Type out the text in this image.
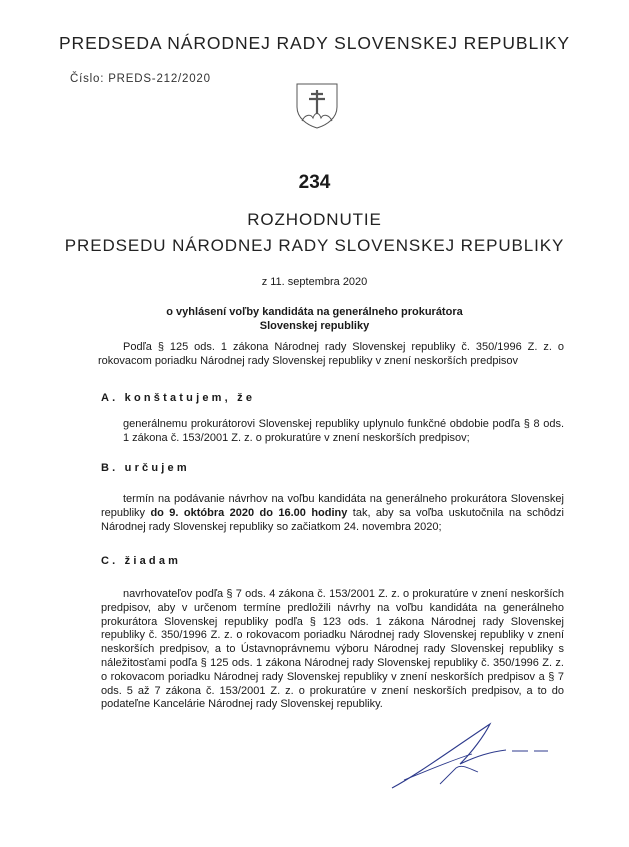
PREDSEDA NÁRODNEJ RADY SLOVENSKEJ REPUBLIKY
Číslo: PREDS-212/2020
234
ROZHODNUTIE
PREDSEDU NÁRODNEJ RADY SLOVENSKEJ REPUBLIKY
z 11. septembra 2020
o vyhlásení voľby kandidáta na generálneho prokurátora
Slovenskej republiky
Podľa § 125 ods. 1 zákona Národnej rady Slovenskej republiky č. 350/1996 Z. z. o rokovacom poriadku Národnej rady Slovenskej republiky v znení neskorších predpisov
A. konštatujem, že
generálnemu prokurátorovi Slovenskej republiky uplynulo funkčné obdobie podľa § 8 ods. 1 zákona č. 153/2001 Z. z. o prokuratúre v znení neskorších predpisov;
B. určujem
termín na podávanie návrhov na voľbu kandidáta na generálneho prokurátora Slovenskej republiky do 9. októbra 2020 do 16.00 hodiny tak, aby sa voľba uskutočnila na schôdzi Národnej rady Slovenskej republiky so začiatkom 24. novembra 2020;
C. žiadam
navrhovateľov podľa § 7 ods. 4 zákona č. 153/2001 Z. z. o prokuratúre v znení neskorších predpisov, aby v určenom termíne predložili návrhy na voľbu kandidáta na generálneho prokurátora Slovenskej republiky podľa § 123 ods. 1 zákona Národnej rady Slovenskej republiky č. 350/1996 Z. z. o rokovacom poriadku Národnej rady Slovenskej republiky v znení neskorších predpisov, a to Ústavnoprávnemu výboru Národnej rady Slovenskej republiky s náležitosťami podľa § 125 ods. 1 zákona Národnej rady Slovenskej republiky č. 350/1996 Z. z. o rokovacom poriadku Národnej rady Slovenskej republiky v znení neskorších predpisov a § 7 ods. 5 až 7 zákona č. 153/2001 Z. z. o prokuratúre v znení neskorších predpisov, a to do podateľne Kancelárie Národnej rady Slovenskej republiky.
